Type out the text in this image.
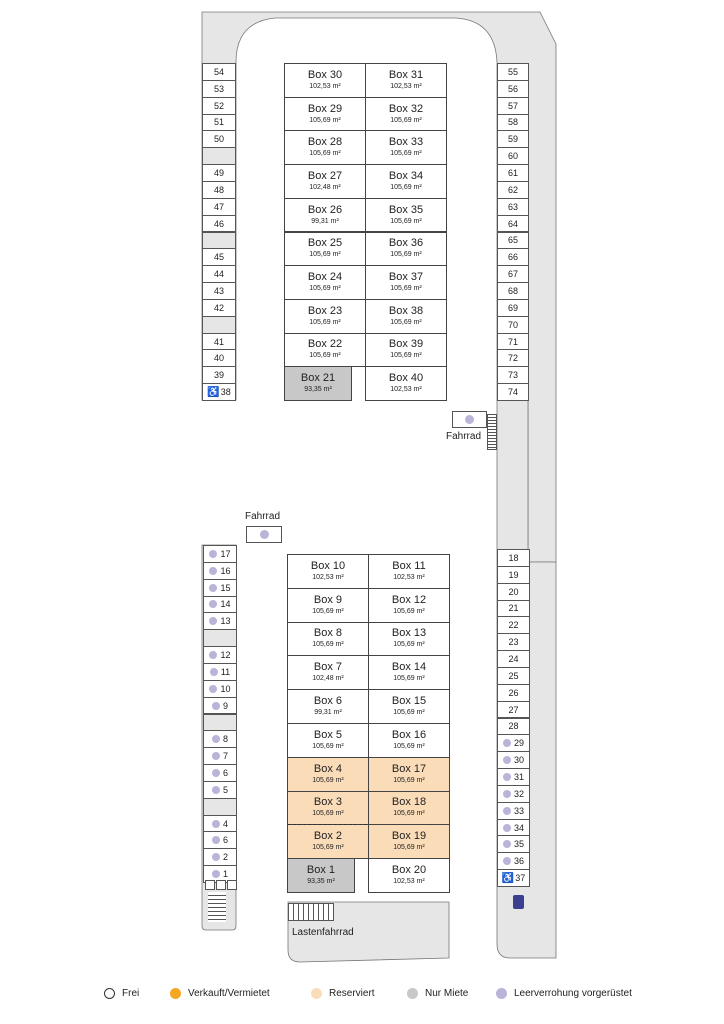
54
53
52
51
50
49
48
47
46
45
44
43
42
41
40
39
♿ 38
55
56
57
58
59
60
61
62
63
64
65
66
67
68
69
70
71
72
73
74
17
16
15
14
13
12
11
10
9
8
7
6
5
4
6
2
1
18
19
20
21
22
23
24
25
26
27
28
29
30
31
32
33
34
35
36
♿ 37
Box 30
102,53 m²
Box 31
102,53 m²
Box 29
105,69 m²
Box 32
105,69 m²
Box 28
105,69 m²
Box 33
105,69 m²
Box 27
102,48 m²
Box 34
105,69 m²
Box 26
99,31 m²
Box 35
105,69 m²
Box 25
105,69 m²
Box 36
105,69 m²
Box 24
105,69 m²
Box 37
105,69 m²
Box 23
105,69 m²
Box 38
105,69 m²
Box 22
105,69 m²
Box 39
105,69 m²
Box 21
93,35 m²
Box 40
102,53 m²
Box 10
102,53 m²
Box 11
102,53 m²
Box 9
105,69 m²
Box 12
105,69 m²
Box 8
105,69 m²
Box 13
105,69 m²
Box 7
102,48 m²
Box 14
105,69 m²
Box 6
99,31 m²
Box 15
105,69 m²
Box 5
105,69 m²
Box 16
105,69 m²
Box 4
105,69 m²
Box 17
105,69 m²
Box 3
105,69 m²
Box 18
105,69 m²
Box 2
105,69 m²
Box 19
105,69 m²
Box 1
93,35 m²
Box 20
102,53 m²
Fahrrad
Fahrrad
Lastenfahrrad
Frei	Verkauft/Vermietet	Reserviert	Nur Miete	Leerverrohung vorgerüstet
